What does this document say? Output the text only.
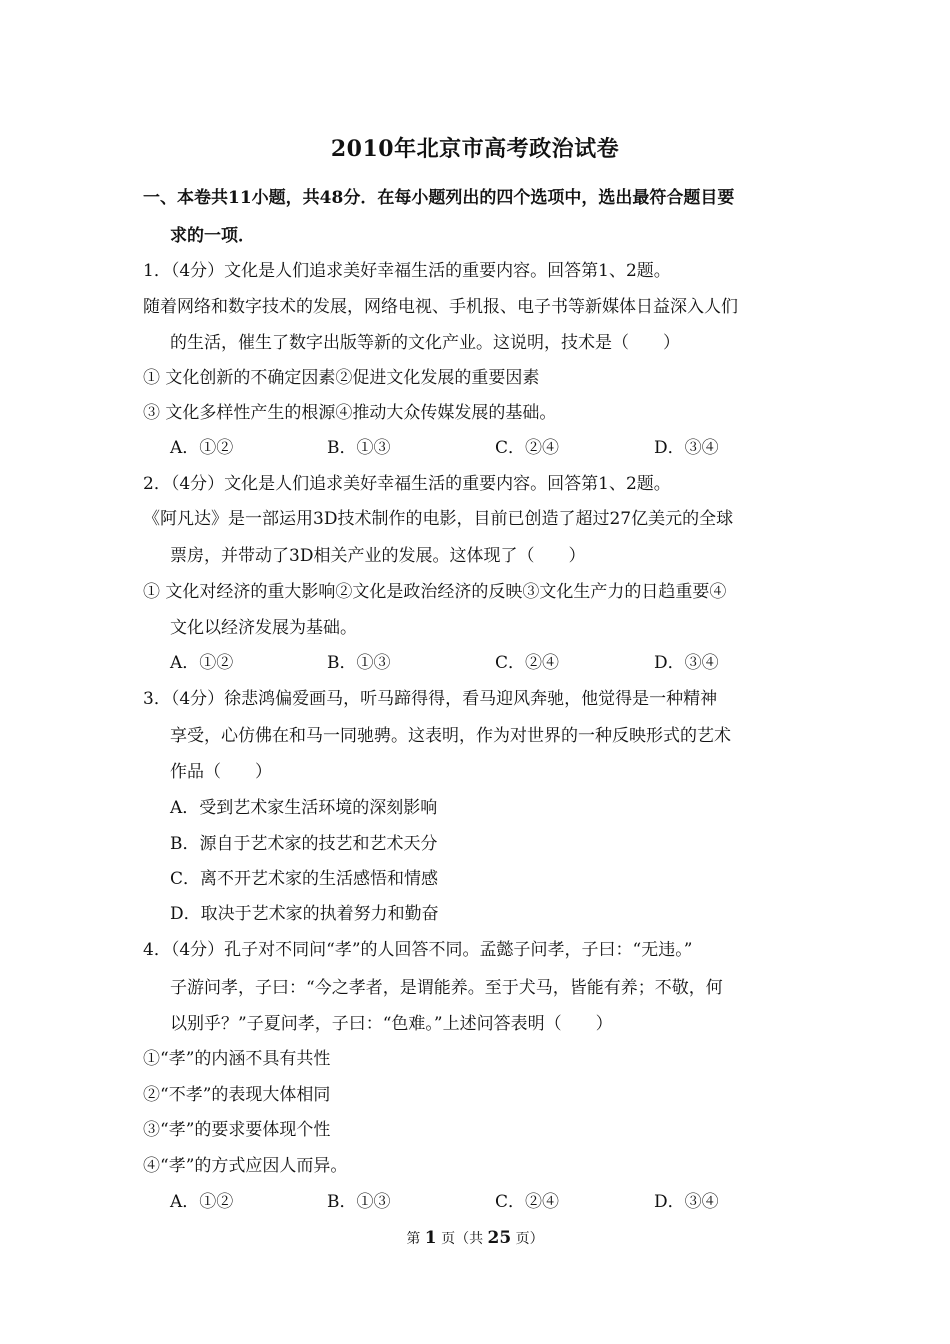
2010年北京市高考政治试卷
一、本卷共11小题，共48分．在每小题列出的四个选项中，选出最符合题目要
求的一项．
1．（4分）文化是人们追求美好幸福生活的重要内容。回答第1、2题。
随着网络和数字技术的发展，网络电视、手机报、电子书等新媒体日益深入人们
的生活，催生了数字出版等新的文化产业。这说明，技术是（　　）
① 文化创新的不确定因素②促进文化发展的重要因素
③ 文化多样性产生的根源④推动大众传媒发展的基础。
A．①②	B．①③	C．②④	D．③④
2．（4分）文化是人们追求美好幸福生活的重要内容。回答第1、2题。
《阿凡达》是一部运用3D技术制作的电影，目前已创造了超过27亿美元的全球
票房，并带动了3D相关产业的发展。这体现了（　　）
① 文化对经济的重大影响②文化是政治经济的反映③文化生产力的日趋重要④
文化以经济发展为基础。
A．①②	B．①③	C．②④	D．③④
3．（4分）徐悲鸿偏爱画马，听马蹄得得，看马迎风奔驰，他觉得是一种精神
享受，心仿佛在和马一同驰骋。这表明，作为对世界的一种反映形式的艺术
作品（　　）
A．受到艺术家生活环境的深刻影响
B．源自于艺术家的技艺和艺术天分
C．离不开艺术家的生活感悟和情感
D．取决于艺术家的执着努力和勤奋
4．（4分）孔子对不同问“孝”的人回答不同。孟懿子问孝，子曰：“无违。”
子游问孝，子曰：“今之孝者，是谓能养。至于犬马，皆能有养；不敬，何
以别乎？”子夏问孝，子曰：“色难。”上述问答表明（　　）
①“孝”的内涵不具有共性
②“不孝”的表现大体相同
③“孝”的要求要体现个性
④“孝”的方式应因人而异。
A．①②	B．①③	C．②④	D．③④
第 1 页（共 25 页）
